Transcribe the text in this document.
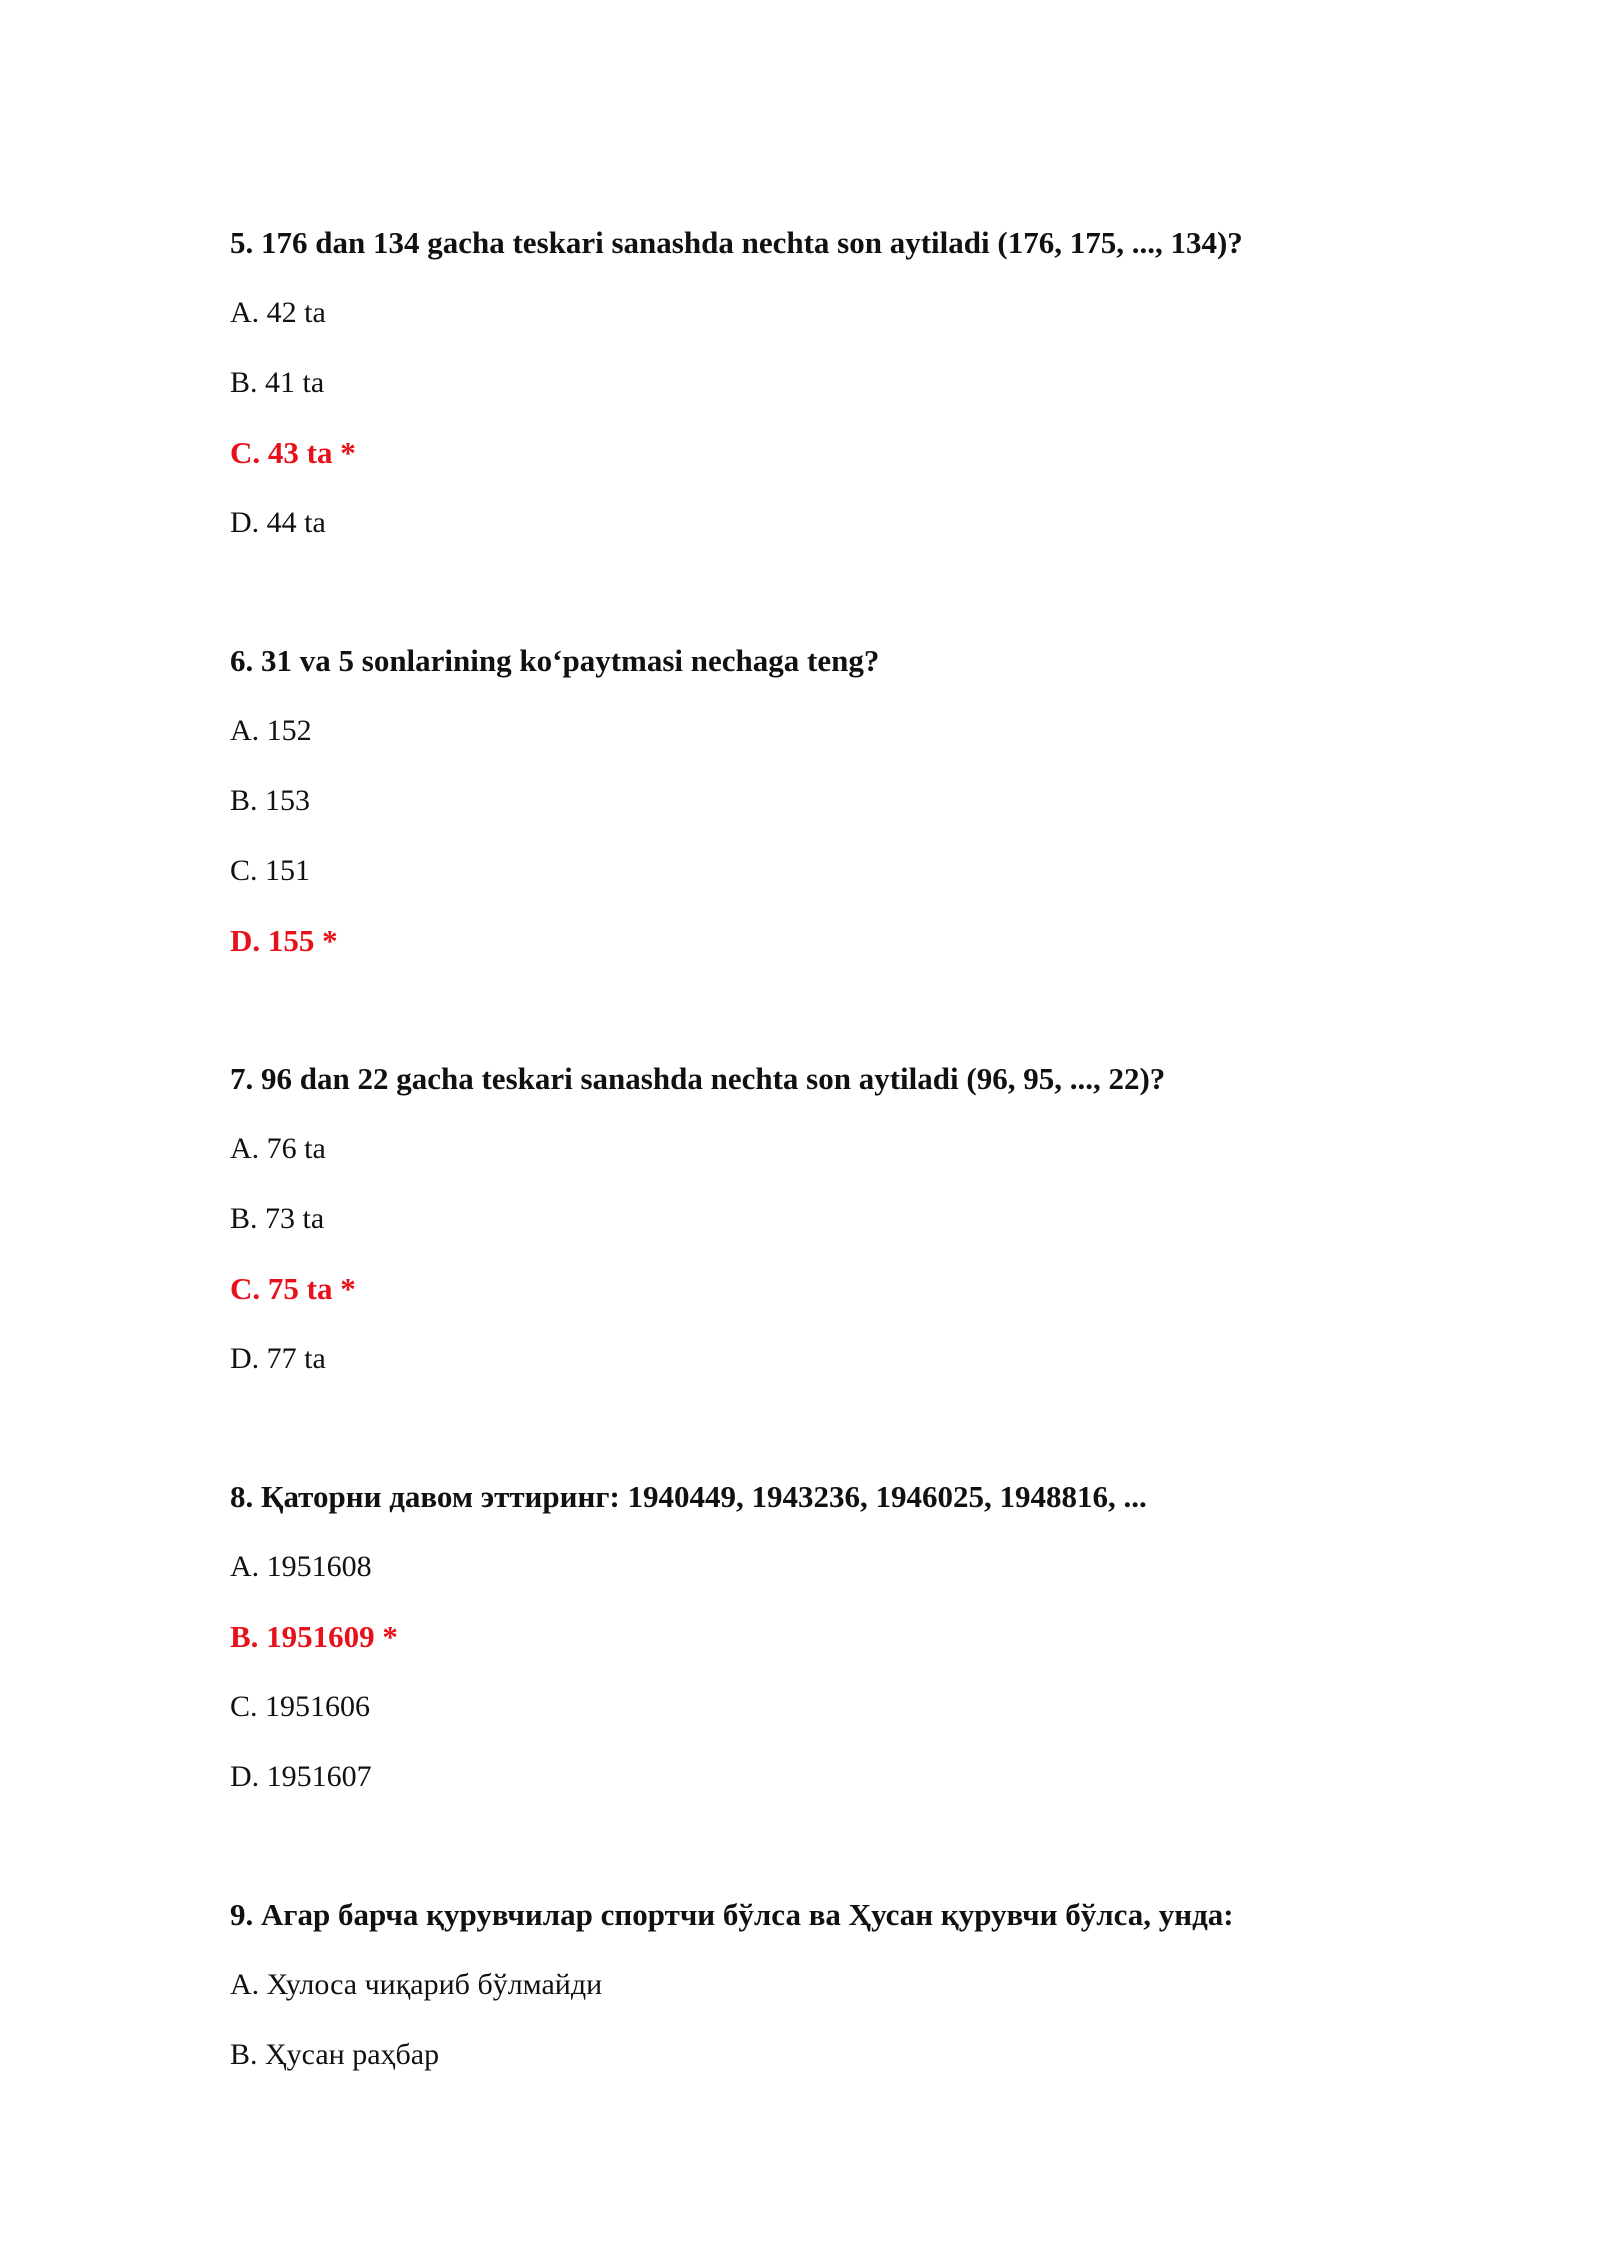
5. 176 dan 134 gacha teskari sanashda nechta son aytiladi (176, 175, ..., 134)?

A. 42 ta
B. 41 ta
C. 43 ta *
D. 44 ta

6. 31 va 5 sonlarining ko‘paytmasi nechaga teng?

A. 152
B. 153
C. 151
D. 155 *

7. 96 dan 22 gacha teskari sanashda nechta son aytiladi (96, 95, ..., 22)?

A. 76 ta
B. 73 ta
C. 75 ta *
D. 77 ta

8. Қаторни давом эттиринг: 1940449, 1943236, 1946025, 1948816, ...

A. 1951608
B. 1951609 *
C. 1951606
D. 1951607

9. Агар барча қурувчилар спортчи бўлса ва Ҳусан қурувчи бўлса, унда:

A. Хулоса чиқариб бўлмайди
B. Ҳусан раҳбар
